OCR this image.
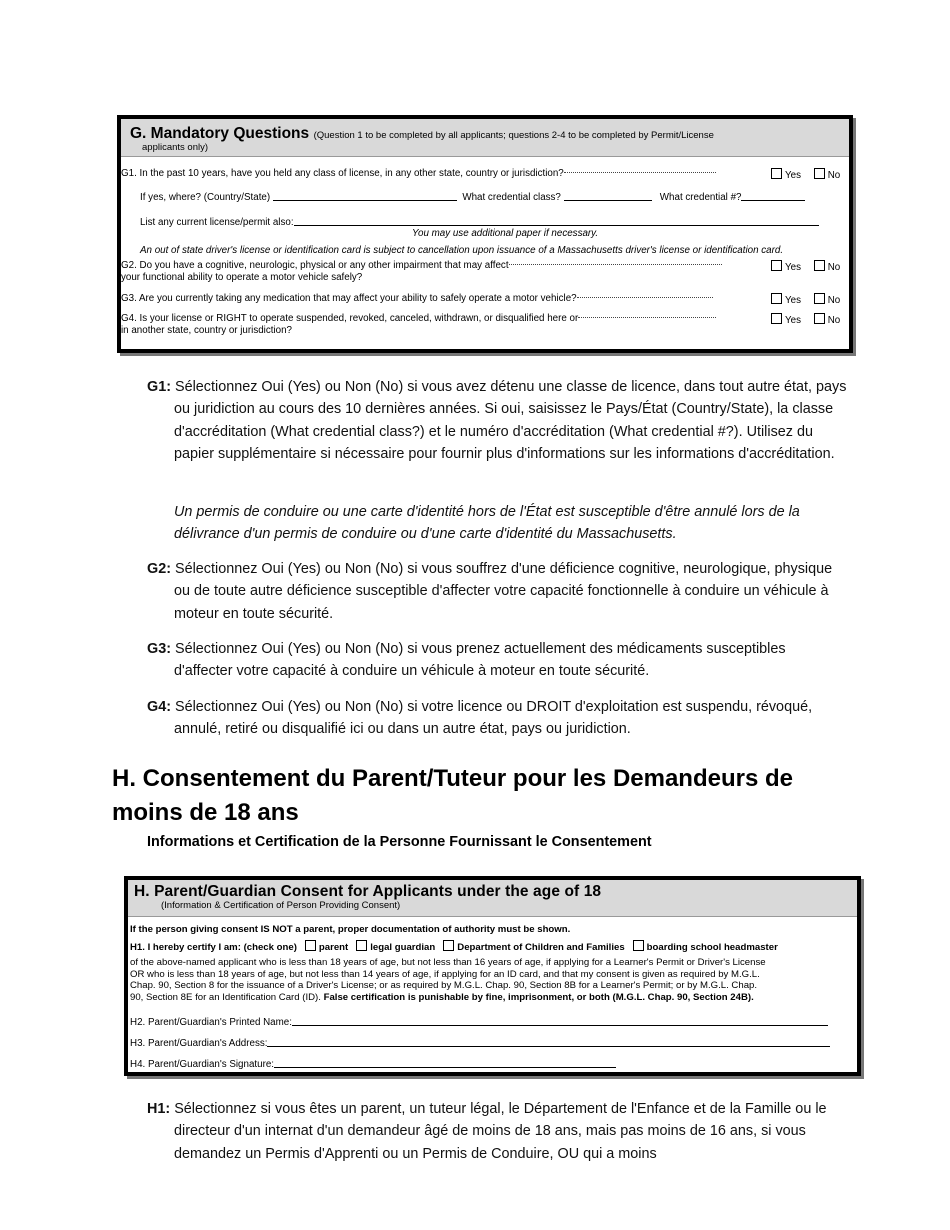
G. Mandatory Questions (Question 1 to be completed by all applicants; questions 2-4 to be completed by Permit/License
applicants only)
G1. In the past 10 years, have you held any class of license, in any other state, country or jurisdiction?	Yes	No
If yes, where? (Country/State)	What credential class?	What credential #?
List any current license/permit also:
You may use additional paper if necessary.
An out of state driver's license or identification card is subject to cancellation upon issuance of a Massachusetts driver's license or identification card.
G2. Do you have a cognitive, neurologic, physical or any other impairment that may affect
your functional ability to operate a motor vehicle safely?
Yes	No
G3. Are you currently taking any medication that may affect your ability to safely operate a motor vehicle?	Yes	No
G4. Is your license or RIGHT to operate suspended, revoked, canceled, withdrawn, or disqualified here or
in another state, country or jurisdiction?
Yes	No
G1: Sélectionnez Oui (Yes) ou Non (No) si vous avez détenu une classe de licence, dans tout autre état, pays ou juridiction au cours des 10 dernières années. Si oui, saisissez le Pays/État (Country/State), la classe d'accréditation (What credential class?) et le numéro d'accréditation (What credential #?). Utilisez du papier supplémentaire si nécessaire pour fournir plus d'informations sur les informations d'accréditation.
Un permis de conduire ou une carte d'identité hors de l'État est susceptible d'être annulé lors de la délivrance d'un permis de conduire ou d'une carte d'identité du Massachusetts.
G2: Sélectionnez Oui (Yes) ou Non (No) si vous souffrez d'une déficience cognitive, neurologique, physique ou de toute autre déficience susceptible d'affecter votre capacité fonctionnelle à conduire un véhicule à moteur en toute sécurité.
G3: Sélectionnez Oui (Yes) ou Non (No) si vous prenez actuellement des médicaments susceptibles d'affecter votre capacité à conduire un véhicule à moteur en toute sécurité.
G4: Sélectionnez Oui (Yes) ou Non (No) si votre licence ou DROIT d'exploitation est suspendu, révoqué, annulé, retiré ou disqualifié ici ou dans un autre état, pays ou juridiction.
H. Consentement du Parent/Tuteur pour les Demandeurs de moins de 18 ans
Informations et Certification de la Personne Fournissant le Consentement
H. Parent/Guardian Consent for Applicants under the age of 18
(Information & Certification of Person Providing Consent)
If the person giving consent IS NOT a parent, proper documentation of authority must be shown.
H1. I hereby certify I am: (check one) parent legal guardian Department of Children and Families boarding school headmaster
of the above-named applicant who is less than 18 years of age, but not less than 16 years of age, if applying for a Learner's Permit or Driver's License
OR who is less than 18 years of age, but not less than 14 years of age, if applying for an ID card, and that my consent is given as required by M.G.L.
Chap. 90, Section 8 for the issuance of a Driver's License; or as required by M.G.L. Chap. 90, Section 8B for a Learner's Permit; or by M.G.L. Chap.
90, Section 8E for an Identification Card (ID). False certification is punishable by fine, imprisonment, or both (M.G.L. Chap. 90, Section 24B).
H2. Parent/Guardian's Printed Name:
H3. Parent/Guardian's Address:
H4. Parent/Guardian's Signature:
H1: Sélectionnez si vous êtes un parent, un tuteur légal, le Département de l'Enfance et de la Famille ou le directeur d'un internat d'un demandeur âgé de moins de 18 ans, mais pas moins de 16 ans, si vous demandez un Permis d'Apprenti ou un Permis de Conduire, OU qui a moins
